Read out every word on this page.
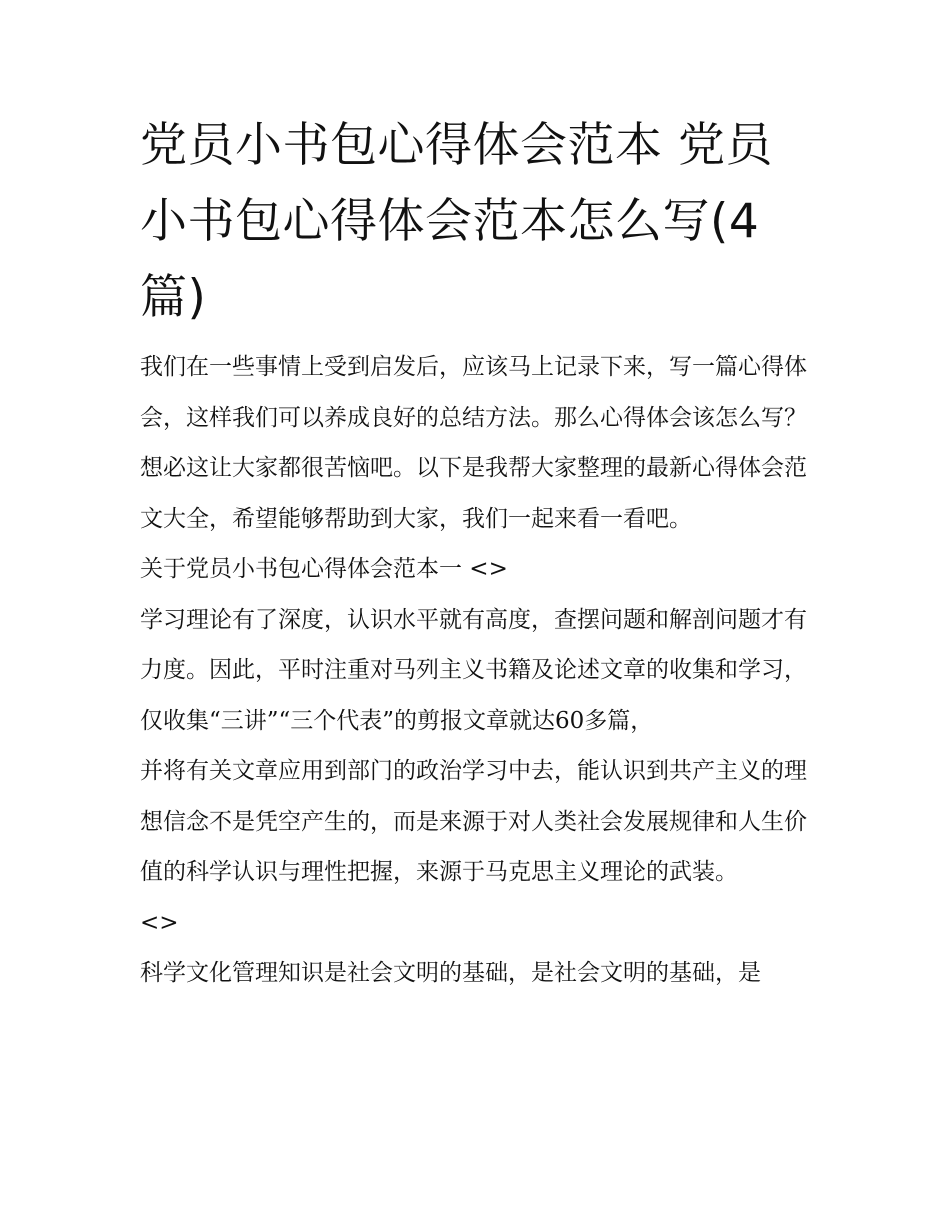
党员小书包心得体会范本 党员小书包心得体会范本怎么写(4篇)

我们在一些事情上受到启发后，应该马上记录下来，写一篇心得体会，这样我们可以养成良好的总结方法。那么心得体会该怎么写？想必这让大家都很苦恼吧。以下是我帮大家整理的最新心得体会范文大全，希望能够帮助到大家，我们一起来看一看吧。

关于党员小书包心得体会范本一 <>

学习理论有了深度，认识水平就有高度，查摆问题和解剖问题才有力度。因此，平时注重对马列主义书籍及论述文章的收集和学习，仅收集“三讲”“三个代表”的剪报文章就达60多篇，

并将有关文章应用到部门的政治学习中去，能认识到共产主义的理想信念不是凭空产生的，而是来源于对人类社会发展规律和人生价值的科学认识与理性把握，来源于马克思主义理论的武装。

<>

科学文化管理知识是社会文明的基础，是社会文明的基础，是
